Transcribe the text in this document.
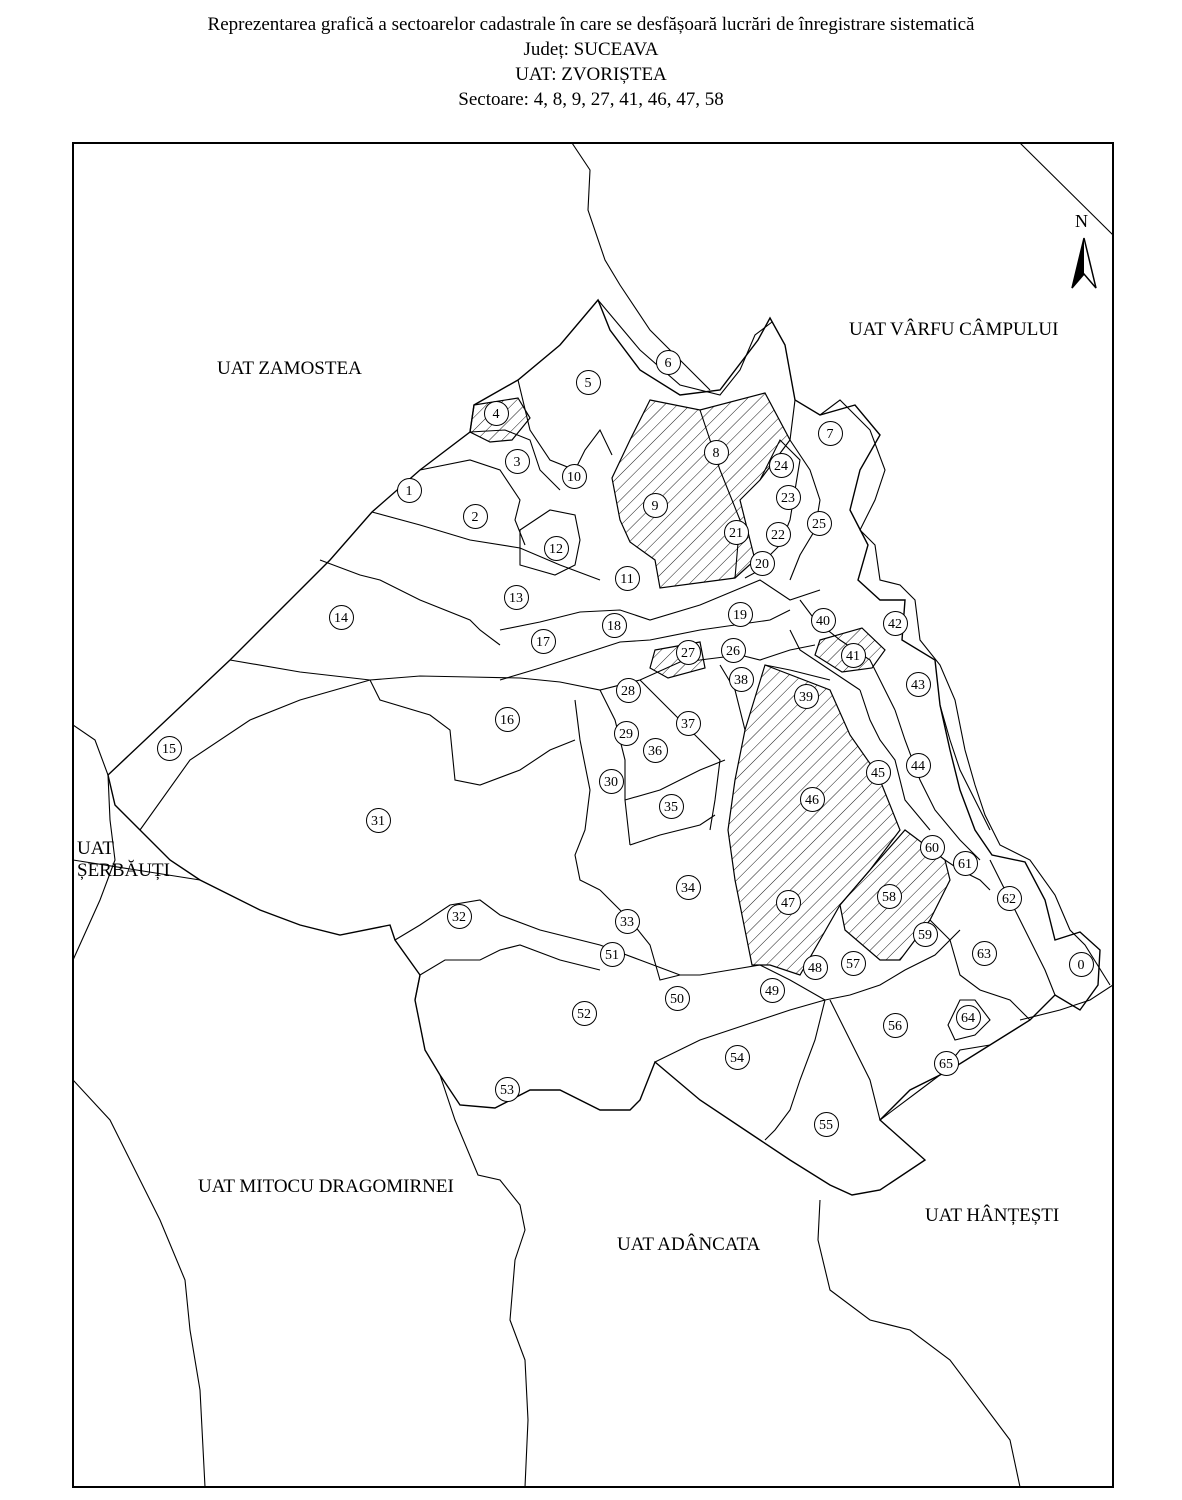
Reprezentarea grafică a sectoarelor cadastrale în care se desfășoară lucrări de înregistrare sistematică
Județ: SUCEAVA
UAT: ZVORIȘTEA
Sectoare: 4, 8, 9, 27, 41, 46, 47, 58
N
UAT ZAMOSTEA
UAT VÂRFU CÂMPULUI
UAT
ȘERBĂUȚI
UAT MITOCU DRAGOMIRNEI
UAT ADÂNCATA
UAT HÂNȚEȘTI
0
1
2
3
4
5
6
7
8
9
10
11
12
13
14
15
16
17
18
19
20
21	22
23
24
25
26
27
28
29
30
31
32	33
34
35
36
37
38
39
40
41
42
43
44
45
46
47
48
49
50
51
52
53
54
55
56
57
58
59
60
61
62
63
64
65
